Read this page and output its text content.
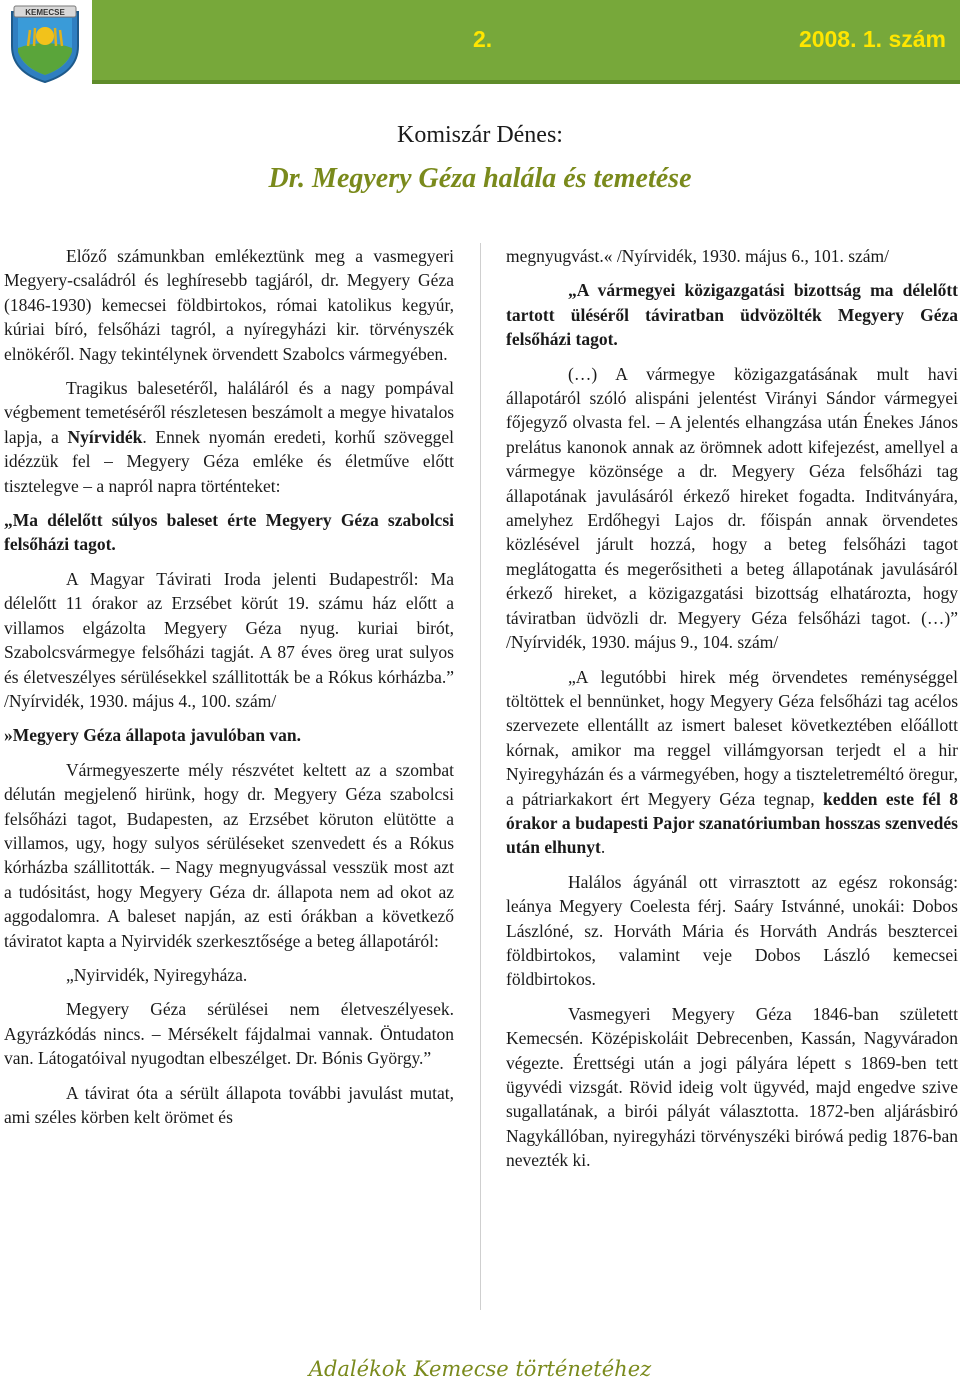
KEMECSE
2.	2008. 1. szám
Komiszár Dénes:
Dr. Megyery Géza halála és temetése

Előző számunkban emlékeztünk meg a vasmegyeri Megyery-családról és leghíresebb tagjáról, dr. Megyery Géza (1846-1930) kemecsei földbirtokos, római katolikus kegyúr, kúriai bíró, felsőházi tagról, a nyíregyházi kir. törvényszék elnökéről. Nagy tekintélynek örvendett Szabolcs vármegyében.

Tragikus balesetéről, haláláról és a nagy pompával végbement temetéséről részletesen beszámolt a megye hivatalos lapja, a Nyírvidék. Ennek nyomán eredeti, korhű szöveggel idézzük fel – Megyery Géza emléke és életműve előtt tisztelegve – a napról napra történteket:

„Ma délelőtt súlyos baleset érte Megyery Géza szabolcsi felsőházi tagot.

A Magyar Távirati Iroda jelenti Budapestről: Ma délelőtt 11 órakor az Erzsébet körút 19. számu ház előtt a villamos elgázolta Megyery Géza nyug. kuriai birót, Szabolcsvármegye felsőházi tagját. A 87 éves öreg urat sulyos és életveszélyes sérülésekkel szállitották be a Rókus kórházba.” /Nyírvidék, 1930. május 4., 100. szám/

»Megyery Géza állapota javulóban van.

Vármegyeszerte mély részvétet keltett az a szombat délután megjelenő hirünk, hogy dr. Megyery Géza szabolcsi felsőházi tagot, Budapesten, az Erzsébet köruton elütötte a villamos, ugy, hogy sulyos sérüléseket szenvedett és a Rókus kórházba szállitották. – Nagy megnyugvással vesszük most azt a tudósitást, hogy Megyery Géza dr. állapota nem ad okot az aggodalomra. A baleset napján, az esti órákban a következő táviratot kapta a Nyirvidék szerkesztősége a beteg állapotáról:

„Nyirvidék, Nyiregyháza.

Megyery Géza sérülései nem életveszélyesek. Agyrázkódás nincs. – Mérsékelt fájdalmai vannak. Öntudaton van. Látogatóival nyugodtan elbeszélget. Dr. Bónis György.”

A távirat óta a sérült állapota további javulást mutat, ami széles körben kelt örömet és

megnyugvást.« /Nyírvidék, 1930. május 6., 101. szám/

„A vármegyei közigazgatási bizottság ma délelőtt tartott üléséről táviratban üdvözölték Megyery Géza felsőházi tagot.

(…) A vármegye közigazgatásának mult havi állapotáról szóló alispáni jelentést Virányi Sándor vármegyei főjegyző olvasta fel. – A jelentés elhangzása után Énekes János prelátus kanonok annak az örömnek adott kifejezést, amellyel a vármegye közönsége a dr. Megyery Géza felsőházi tag állapotának javulásáról érkező hireket fogadta. Inditványára, amelyhez Erdőhegyi Lajos dr. főispán annak örvendetes közlésével járult hozzá, hogy a beteg felsőházi tagot meglátogatta és megerősitheti a beteg állapotának javulásáról érkező hireket, a közigazgatási bizottság elhatározta, hogy táviratban üdvözli dr. Megyery Géza felsőházi tagot. (…)” /Nyírvidék, 1930. május 9., 104. szám/

„A legutóbbi hirek még örvendetes reménységgel töltöttek el bennünket, hogy Megyery Géza felsőházi tag acélos szervezete ellentállt az ismert baleset következtében előállott kórnak, amikor ma reggel villámgyorsan terjedt el a hir Nyiregyházán és a vármegyében, hogy a tiszteletreméltó öregur, a pátriarkakort ért Megyery Géza tegnap, kedden este fél 8 órakor a budapesti Pajor szanatóriumban hosszas szenvedés után elhunyt.

Halálos ágyánál ott virrasztott az egész rokonság: leánya Megyery Coelesta férj. Saáry Istvánné, unokái: Dobos Lászlóné, sz. Horváth Mária és Horváth András besztercei földbirtokos, valamint veje Dobos László kemecsei földbirtokos.

Vasmegyeri Megyery Géza 1846-ban született Kemecsén. Középiskoláit Debrecenben, Kassán, Nagyváradon végezte. Érettségi után a jogi pályára lépett s 1869-ben tett ügyvédi vizsgát. Rövid ideig volt ügyvéd, majd engedve szive sugallatának, a birói pályát választotta. 1872-ben aljárásbiró Nagykállóban, nyiregyházi törvényszéki birówá pedig 1876-ban nevezték ki.

Adalékok Kemecse történetéhez
